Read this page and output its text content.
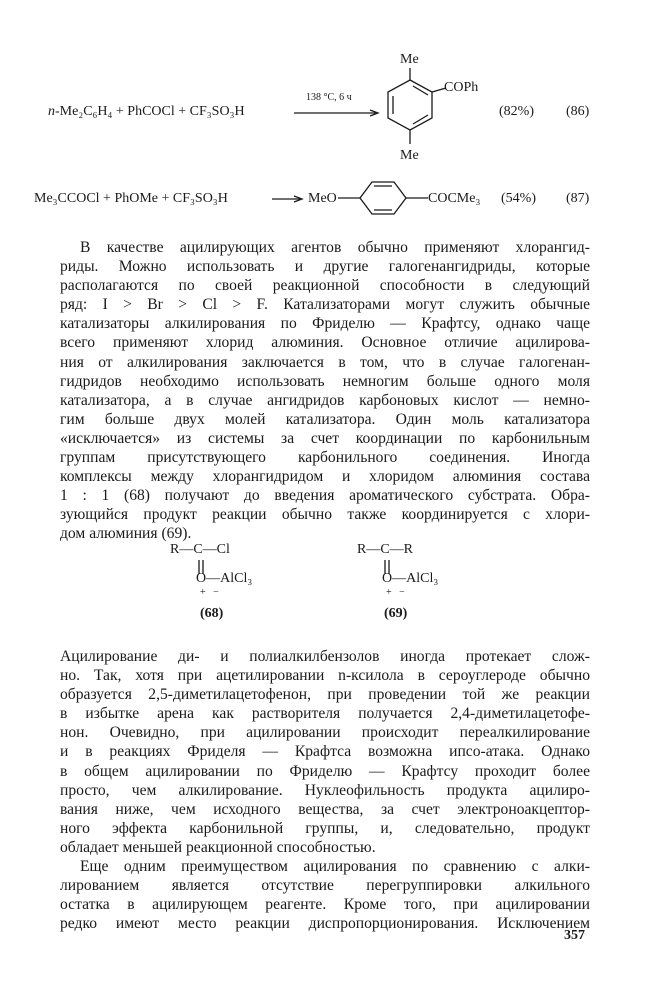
n-Me₂C₆H₄ + PhCOCl + CF₃SO₃H
138 °C, 6 ч
Me
COPh
Me
(82%) (86)
Me₃CCOCl + PhOMe + CF₃SO₃H	→ MeO	COCMe₃ (54%) (87)
В качестве ацилирующих агентов обычно применяют хлорангид-
риды. Можно использовать и другие галогенангидриды, которые
располагаются по своей реакционной способности в следующий
ряд: I > Br > Cl > F. Катализаторами могут служить обычные
катализаторы алкилирования по Фриделю — Крафтсу, однако чаще
всего применяют хлорид алюминия. Основное отличие ацилирова-
ния от алкилирования заключается в том, что в случае галогенан-
гидридов необходимо использовать немногим больше одного моля
катализатора, а в случае ангидридов карбоновых кислот — немно-
гим больше двух молей катализатора. Один моль катализатора
«исключается» из системы за счет координации по карбонильным
группам присутствующего карбонильного соединения. Иногда
комплексы между хлорангидридом и хлоридом алюминия состава
1 : 1 (68) получают до введения ароматического субстрата. Обра-
зующийся продукт реакции обычно также координируется с хлори-
дом алюминия (69).
R—C—Cl
O—AlCl₃
+   −
(68)
R—C—R
O—AlCl₃
+   −
(69)
Ацилирование ди- и полиалкилбензолов иногда протекает слож-
но. Так, хотя при ацетилировании n-ксилола в сероуглероде обычно
образуется 2,5-диметилацетофенон, при проведении той же реакции
в избытке арена как растворителя получается 2,4-диметилацетофе-
нон. Очевидно, при ацилировании происходит переалкилирование
и в реакциях Фриделя — Крафтса возможна ипсо-атака. Однако
в общем ацилировании по Фриделю — Крафтсу проходит более
просто, чем алкилирование. Нуклеофильность продукта ацилиро-
вания ниже, чем исходного вещества, за счет электроноакцептор-
ного эффекта карбонильной группы, и, следовательно, продукт
обладает меньшей реакционной способностью.
Еще одним преимуществом ацилирования по сравнению с алки-
лированием является отсутствие перегруппировки алкильного
остатка в ацилирующем реагенте. Кроме того, при ацилировании
редко имеют место реакции диспропорционирования. Исключением
357
